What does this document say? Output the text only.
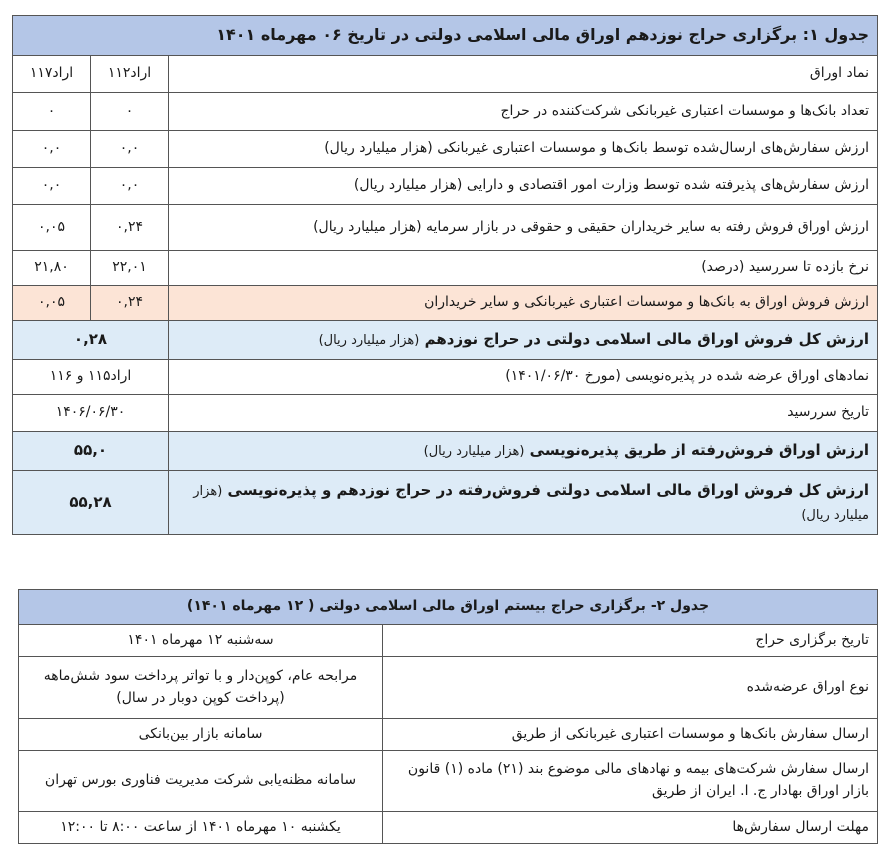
جدول ۱: برگزاری حراج نوزدهم اوراق مالی اسلامی دولتی در تاریخ ۰۶ مهرماه ۱۴۰۱		
نماد اوراق	اراد۱۱۲	اراد۱۱۷
تعداد بانک‌ها و موسسات اعتباری غیربانکی شرکت‌کننده در حراج	۰	۰
ارزش سفارش‌های ارسال‌شده توسط بانک‌ها و موسسات اعتباری غیربانکی (هزار میلیارد ریال)	۰,۰	۰,۰
ارزش سفارش‌های پذیرفته شده توسط وزارت امور اقتصادی و دارایی (هزار میلیارد ریال)	۰,۰	۰,۰
ارزش اوراق فروش رفته به سایر خریداران حقیقی و حقوقی در بازار سرمایه (هزار میلیارد ریال)	۰,۲۴	۰,۰۵
نرخ بازده تا سررسید (درصد)	۲۲,۰۱	۲۱,۸۰
ارزش فروش اوراق به بانک‌ها و موسسات اعتباری غیربانکی و سایر خریداران	۰,۲۴	۰,۰۵
ارزش کل فروش اوراق مالی اسلامی دولتی در حراج نوزدهم (هزار میلیارد ریال)	۰,۲۸	
نمادهای اوراق عرضه شده در پذیره‌نویسی (مورخ ۱۴۰۱/۰۶/۳۰)	اراد۱۱۵ و ۱۱۶	
تاریخ سررسید	۱۴۰۶/۰۶/۳۰	
ارزش اوراق فروش‌رفته از طریق پذیره‌نویسی (هزار میلیارد ریال)	۵۵,۰	
ارزش کل فروش اوراق مالی اسلامی دولتی فروش‌رفته در حراج نوزدهم و پذیره‌نویسی (هزار میلیارد ریال)	۵۵,۲۸	
جدول ۲- برگزاری حراج بیستم اوراق مالی اسلامی دولتی ( ۱۲ مهرماه ۱۴۰۱)	
تاریخ برگزاری حراج	سه‌شنبه ۱۲ مهرماه ۱۴۰۱
نوع اوراق عرضه‌شده	مرابحه عام، کوپن‌دار و با تواتر پرداخت سود شش‌ماهه (پرداخت کوپن دوبار در سال)
ارسال سفارش بانک‌ها و موسسات اعتباری غیربانکی از طریق	سامانه بازار بین‌بانکی
ارسال سفارش شرکت‌های بیمه و نهادهای مالی موضوع بند (۲۱) ماده (۱) قانون بازار اوراق بهادار ج. ا. ایران از طریق	سامانه مظنه‌یابی شرکت مدیریت فناوری بورس تهران
مهلت ارسال سفارش‌ها	یکشنبه ۱۰ مهرماه ۱۴۰۱ از ساعت ۸:۰۰ تا ۱۲:۰۰
